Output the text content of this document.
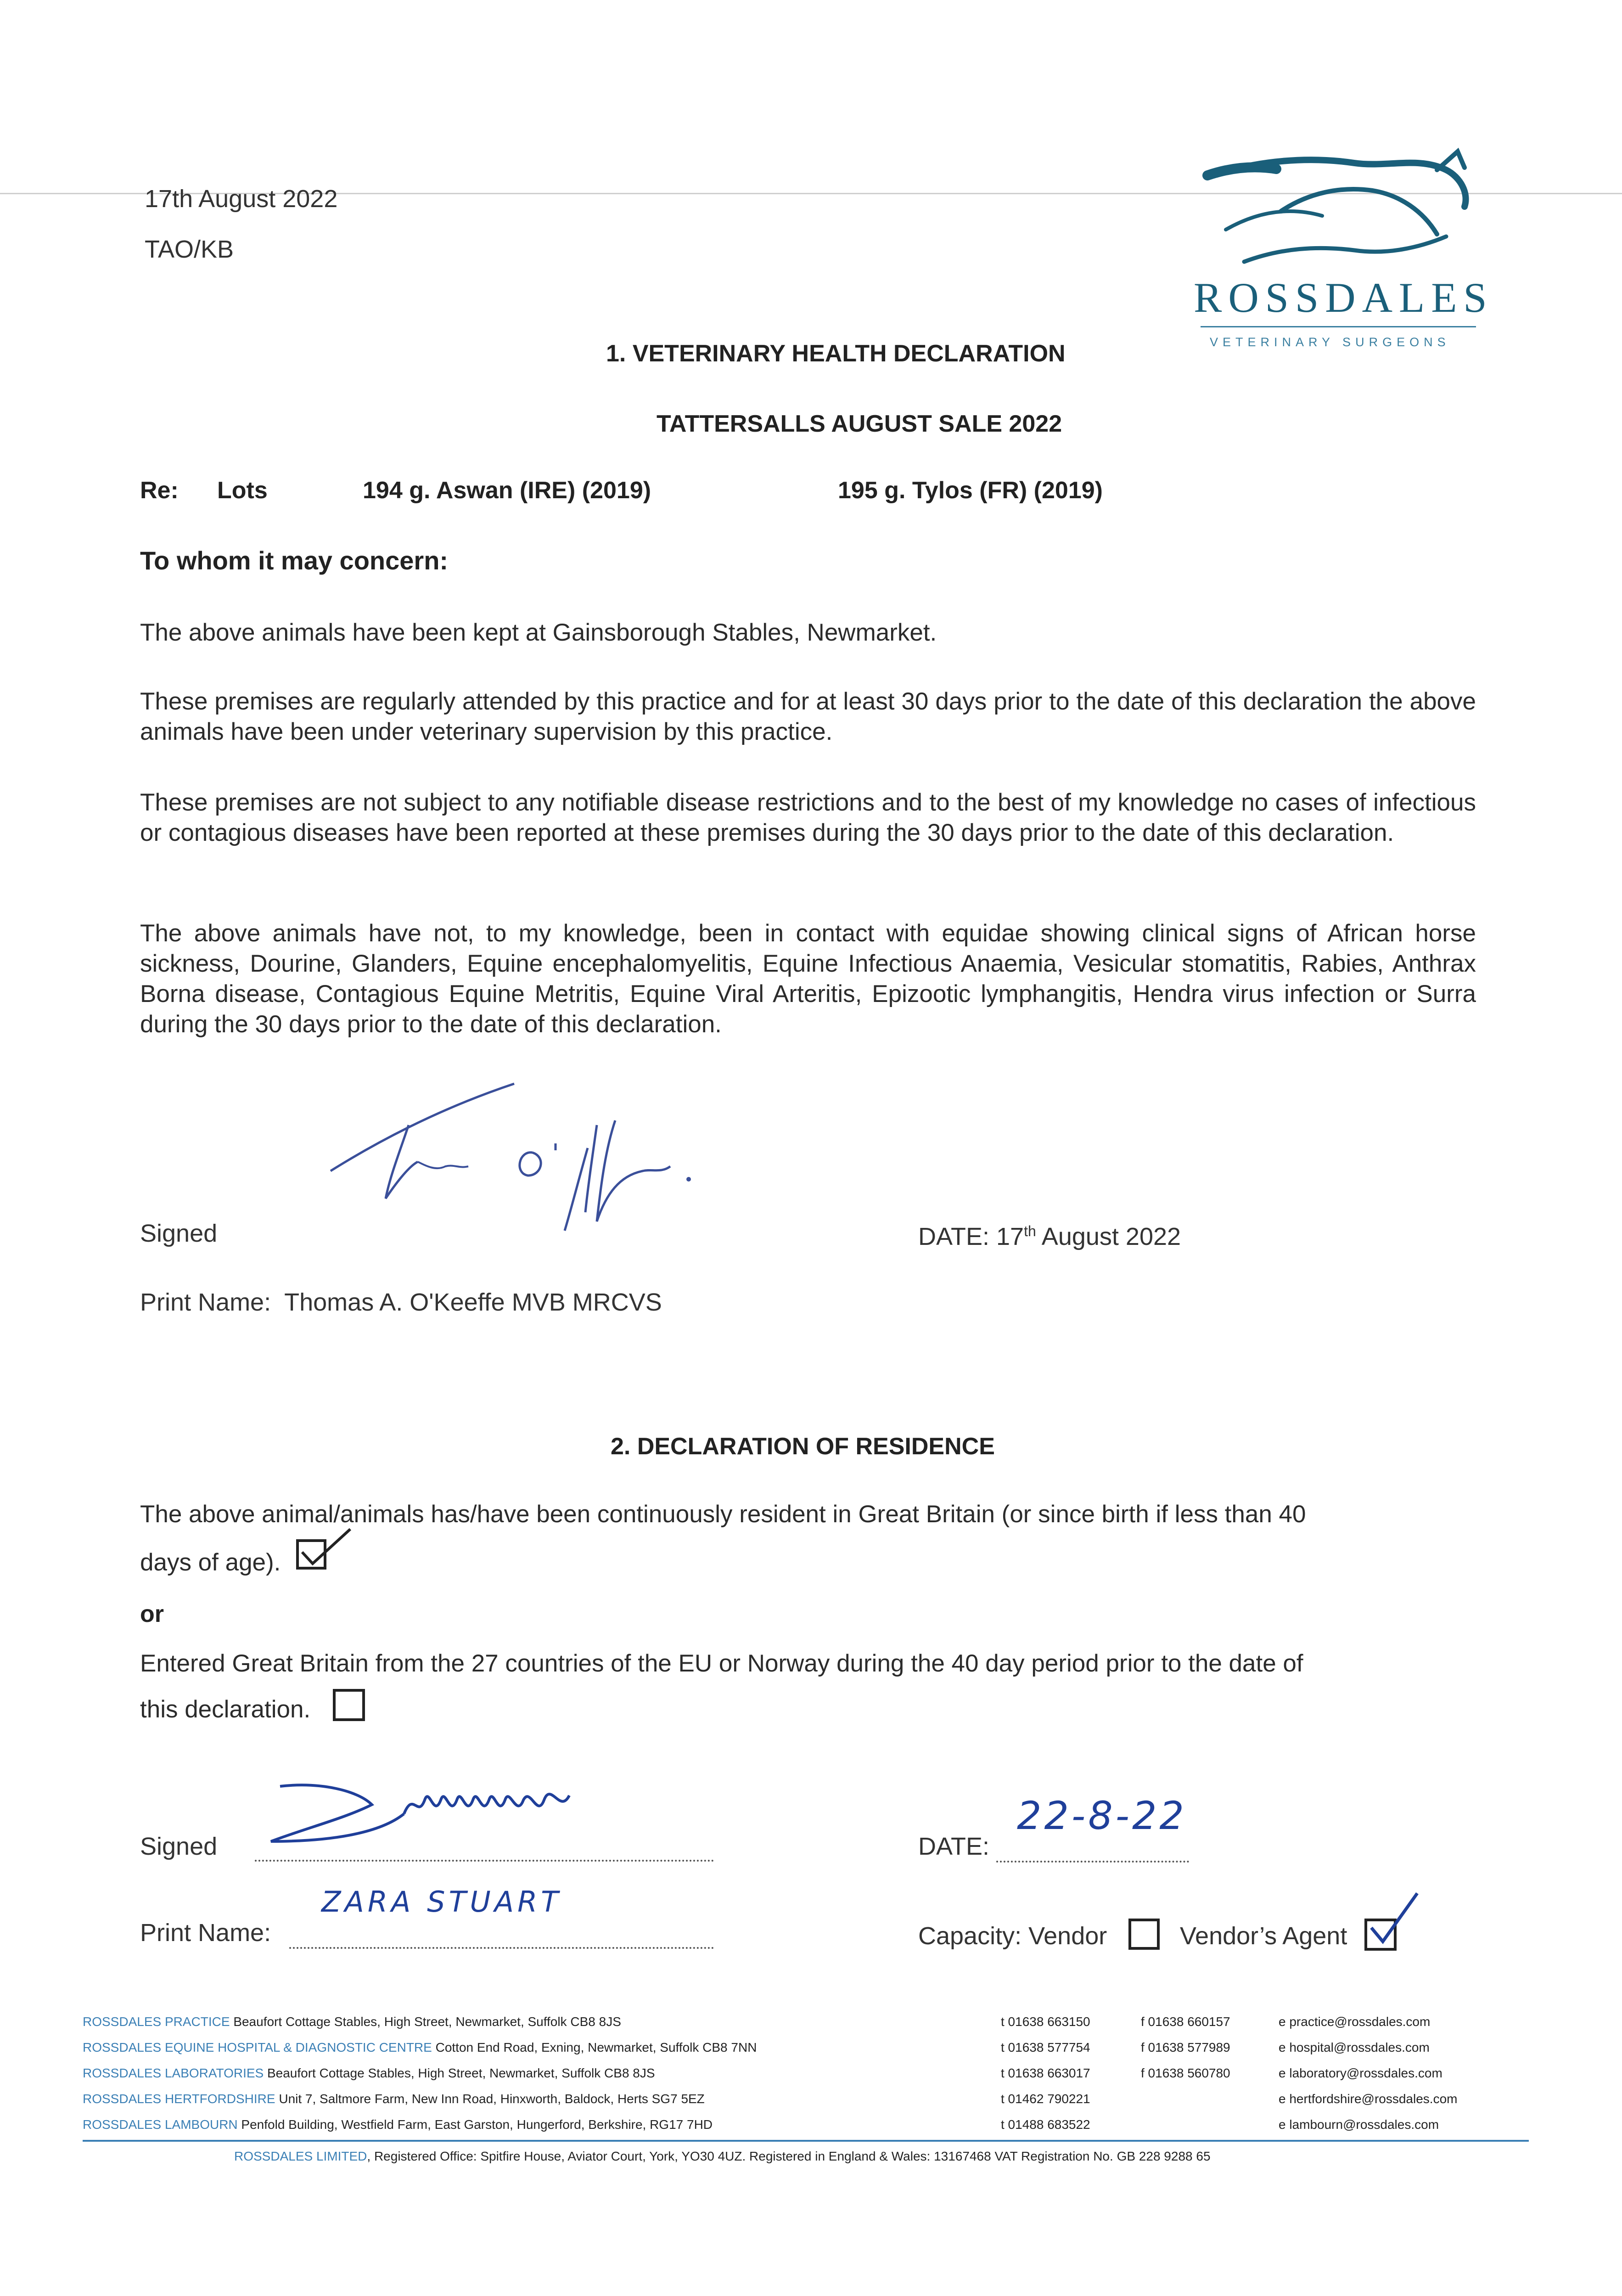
17th August 2022
TAO/KB
ROSSDALES
VETERINARY SURGEONS
1. VETERINARY HEALTH DECLARATION
TATTERSALLS AUGUST SALE 2022
Re: Lots	194 g. Aswan (IRE) (2019)	195 g. Tylos (FR) (2019)
To whom it may concern:
The above animals have been kept at Gainsborough Stables, Newmarket.
These premises are regularly attended by this practice and for at least 30 days prior to the date of this declaration the above animals have been under veterinary supervision by this practice.
These premises are not subject to any notifiable disease restrictions and to the best of my knowledge no cases of infectious or contagious diseases have been reported at these premises during the 30 days prior to the date of this declaration.
The above animals have not, to my knowledge, been in contact with equidae showing clinical signs of African horse sickness, Dourine, Glanders, Equine encephalomyelitis, Equine Infectious Anaemia, Vesicular stomatitis, Rabies, Anthrax Borna disease, Contagious Equine Metritis, Equine Viral Arteritis, Epizootic lymphangitis, Hendra virus infection or Surra during the 30 days prior to the date of this declaration.
Signed	DATE: 17th August 2022
Print Name: Thomas A. O'Keeffe MVB MRCVS
2. DECLARATION OF RESIDENCE
The above animal/animals has/have been continuously resident in Great Britain (or since birth if less than 40
days of age).
or
Entered Great Britain from the 27 countries of the EU or Norway during the 40 day period prior to the date of
this declaration.
Signed	DATE:
22-8-22
Print Name:
ZARA STUART
Capacity: Vendor	Vendor’s Agent
ROSSDALES PRACTICE Beaufort Cottage Stables, High Street, Newmarket, Suffolk CB8 8JS	t 01638 663150	f 01638 660157	e practice@rossdales.com
ROSSDALES EQUINE HOSPITAL & DIAGNOSTIC CENTRE Cotton End Road, Exning, Newmarket, Suffolk CB8 7NN	t 01638 577754	f 01638 577989	e hospital@rossdales.com
ROSSDALES LABORATORIES Beaufort Cottage Stables, High Street, Newmarket, Suffolk CB8 8JS	t 01638 663017	f 01638 560780	e laboratory@rossdales.com
ROSSDALES HERTFORDSHIRE Unit 7, Saltmore Farm, New Inn Road, Hinxworth, Baldock, Herts SG7 5EZ	t 01462 790221	e hertfordshire@rossdales.com
ROSSDALES LAMBOURN Penfold Building, Westfield Farm, East Garston, Hungerford, Berkshire, RG17 7HD	t 01488 683522	e lambourn@rossdales.com
ROSSDALES LIMITED, Registered Office: Spitfire House, Aviator Court, York, YO30 4UZ. Registered in England & Wales: 13167468 VAT Registration No. GB 228 9288 65
